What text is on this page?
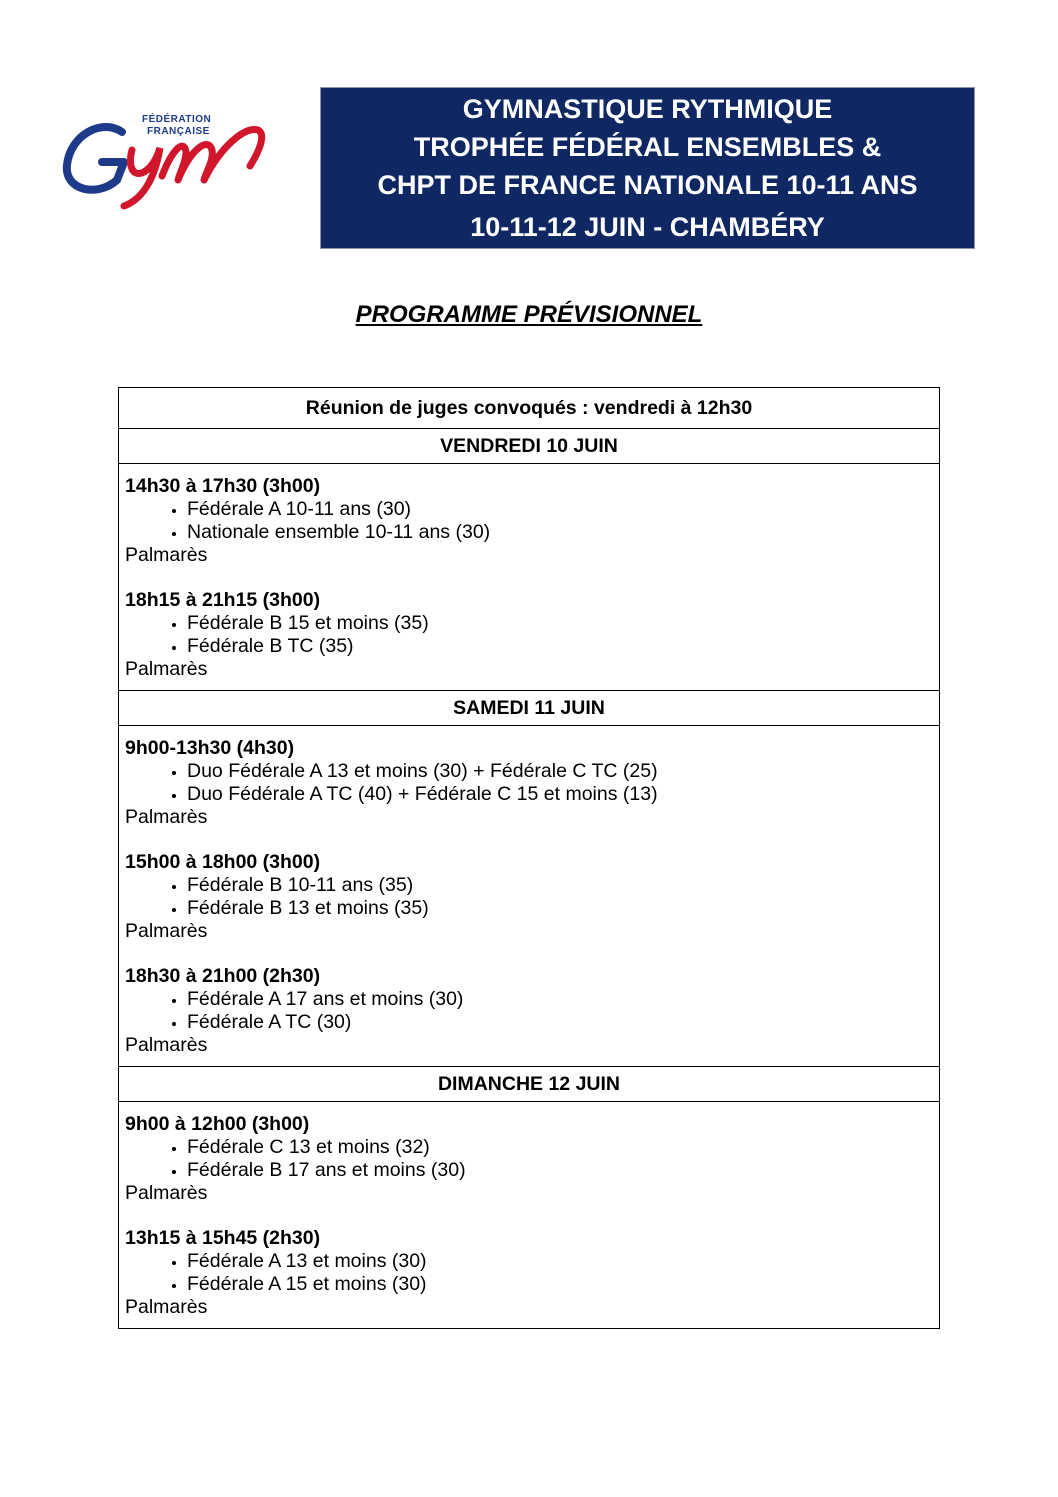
FÉDÉRATION
FRANÇAISE
GYMNASTIQUE RYTHMIQUE
TROPHÉE FÉDÉRAL ENSEMBLES &
CHPT DE FRANCE NATIONALE 10-11 ANS
10-11-12 JUIN - CHAMBÉRY
PROGRAMME PRÉVISIONNEL
Réunion de juges convoqués : vendredi à 12h30
VENDREDI 10 JUIN
14h30 à 17h30 (3h00)
• Fédérale A 10-11 ans (30)
• Nationale ensemble 10-11 ans (30)
Palmarès
18h15 à 21h15 (3h00)
• Fédérale B 15 et moins (35)
• Fédérale B TC (35)
Palmarès
SAMEDI 11 JUIN
9h00-13h30 (4h30)
• Duo Fédérale A 13 et moins (30) + Fédérale C TC (25)
• Duo Fédérale A TC (40) + Fédérale C 15 et moins (13)
Palmarès
15h00 à 18h00 (3h00)
• Fédérale B 10-11 ans (35)
• Fédérale B 13 et moins (35)
Palmarès
18h30 à 21h00 (2h30)
• Fédérale A 17 ans et moins (30)
• Fédérale A TC (30)
Palmarès
DIMANCHE 12 JUIN
9h00 à 12h00 (3h00)
• Fédérale C 13 et moins (32)
• Fédérale B 17 ans et moins (30)
Palmarès
13h15 à 15h45 (2h30)
• Fédérale A 13 et moins (30)
• Fédérale A 15 et moins (30)
Palmarès
